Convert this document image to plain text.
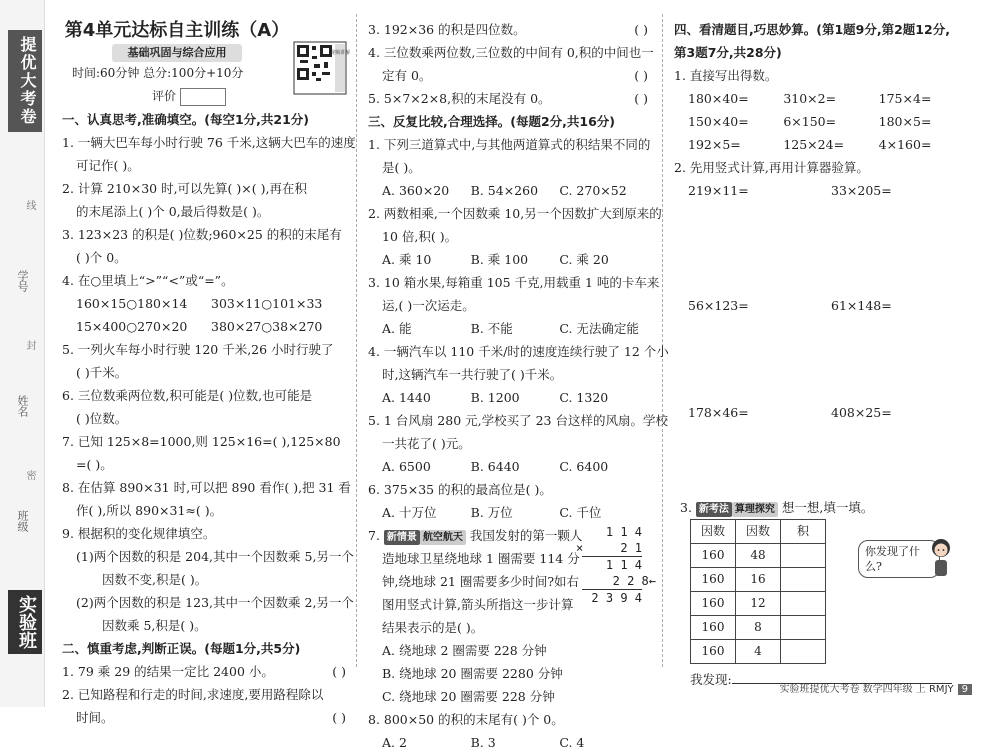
提优大考卷
线
学号
封
姓名
密
班级
实验班
第4单元达标自主训练（A）
基础巩固与综合应用
时间:60分钟 总分:100分+10分
评价
视频讲解
一、认真思考,准确填空。(每空1分,共21分)

1. 一辆大巴车每小时行驶 76 千米,这辆大巴车的速度

可记作( )。

2. 计算 210×30 时,可以先算( )×( ),再在积

的末尾添上( )个 0,最后得数是( )。

3. 123×23 的积是( )位数;960×25 的积的末尾有

( )个 0。

4. 在○里填上“>”“<”或“=”。

160×15○180×14	303×11○101×33
15×400○270×20	380×27○38×270

5. 一列火车每小时行驶 120 千米,26 小时行驶了

( )千米。

6. 三位数乘两位数,积可能是( )位数,也可能是

( )位数。

7. 已知 125×8=1000,则 125×16=( ),125×80

=( )。

8. 在估算 890×31 时,可以把 890 看作( ),把 31 看

作( ),所以 890×31≈( )。

9. 根据积的变化规律填空。

(1)两个因数的积是 204,其中一个因数乘 5,另一个

因数不变,积是( )。

(2)两个因数的积是 123,其中一个因数乘 2,另一个

因数乘 5,积是( )。

二、慎重考虑,判断正误。(每题1分,共5分)

1. 79 乘 29 的结果一定比 2400 小。	( )

2. 已知路程和行走的时间,求速度,要用路程除以

时间。	( )

3. 192×36 的积是四位数。	( )

4. 三位数乘两位数,三位数的中间有 0,积的中间也一

定有 0。	( )

5. 5×7×2×8,积的末尾没有 0。	( )

三、反复比较,合理选择。(每题2分,共16分)

1. 下列三道算式中,与其他两道算式的积结果不同的

是( )。

A. 360×20	B. 54×260	C. 270×52

2. 两数相乘,一个因数乘 10,另一个因数扩大到原来的

10 倍,积( )。

A. 乘 10	B. 乘 100	C. 乘 20

3. 10 箱水果,每箱重 105 千克,用载重 1 吨的卡车来

运,( )一次运走。

A. 能	B. 不能	C. 无法确定能

4. 一辆汽车以 110 千米/时的速度连续行驶了 12 个小

时,这辆汽车一共行驶了( )千米。

A. 1440	B. 1200	C. 1320

5. 1 台风扇 280 元,学校买了 23 台这样的风扇。学校

一共花了( )元。

A. 6500	B. 6440	C. 6400

6. 375×35 的积的最高位是( )。

A. 十万位	B. 万位	C. 千位

7. 新情景 航空航天 我国发射的第一颗人

造地球卫星绕地球 1 圈需要 114 分

钟,绕地球 21 圈需要多少时间?如右

图用竖式计算,箭头所指这一步计算

结果表示的是( )。

1 1 4
×	2 1
1 1 4
2 2 8←
2 3 9 4

A. 绕地球 2 圈需要 228 分钟

B. 绕地球 20 圈需要 2280 分钟

C. 绕地球 20 圈需要 228 分钟

8. 800×50 的积的末尾有( )个 0。

A. 2	B. 3	C. 4
四、看清题目,巧思妙算。(第1题9分,第2题12分,
第3题7分,共28分)

1. 直接写出得数。

180×40=	310×2=	175×4=
150×40=	6×150=	180×5=
192×5=	125×24=	4×160=

2. 先用竖式计算,再用计算器验算。

219×11=	33×205=
56×123=	61×148=
178×46=	408×25=

3. 新考法 算理探究 想一想,填一填。

因数	因数	积
160	48	
160	16	
160	12	
160	8	
160	4	

我发现:

你发现了什么?
实验班提优大考卷 数学四年级 上 RMJY 9
